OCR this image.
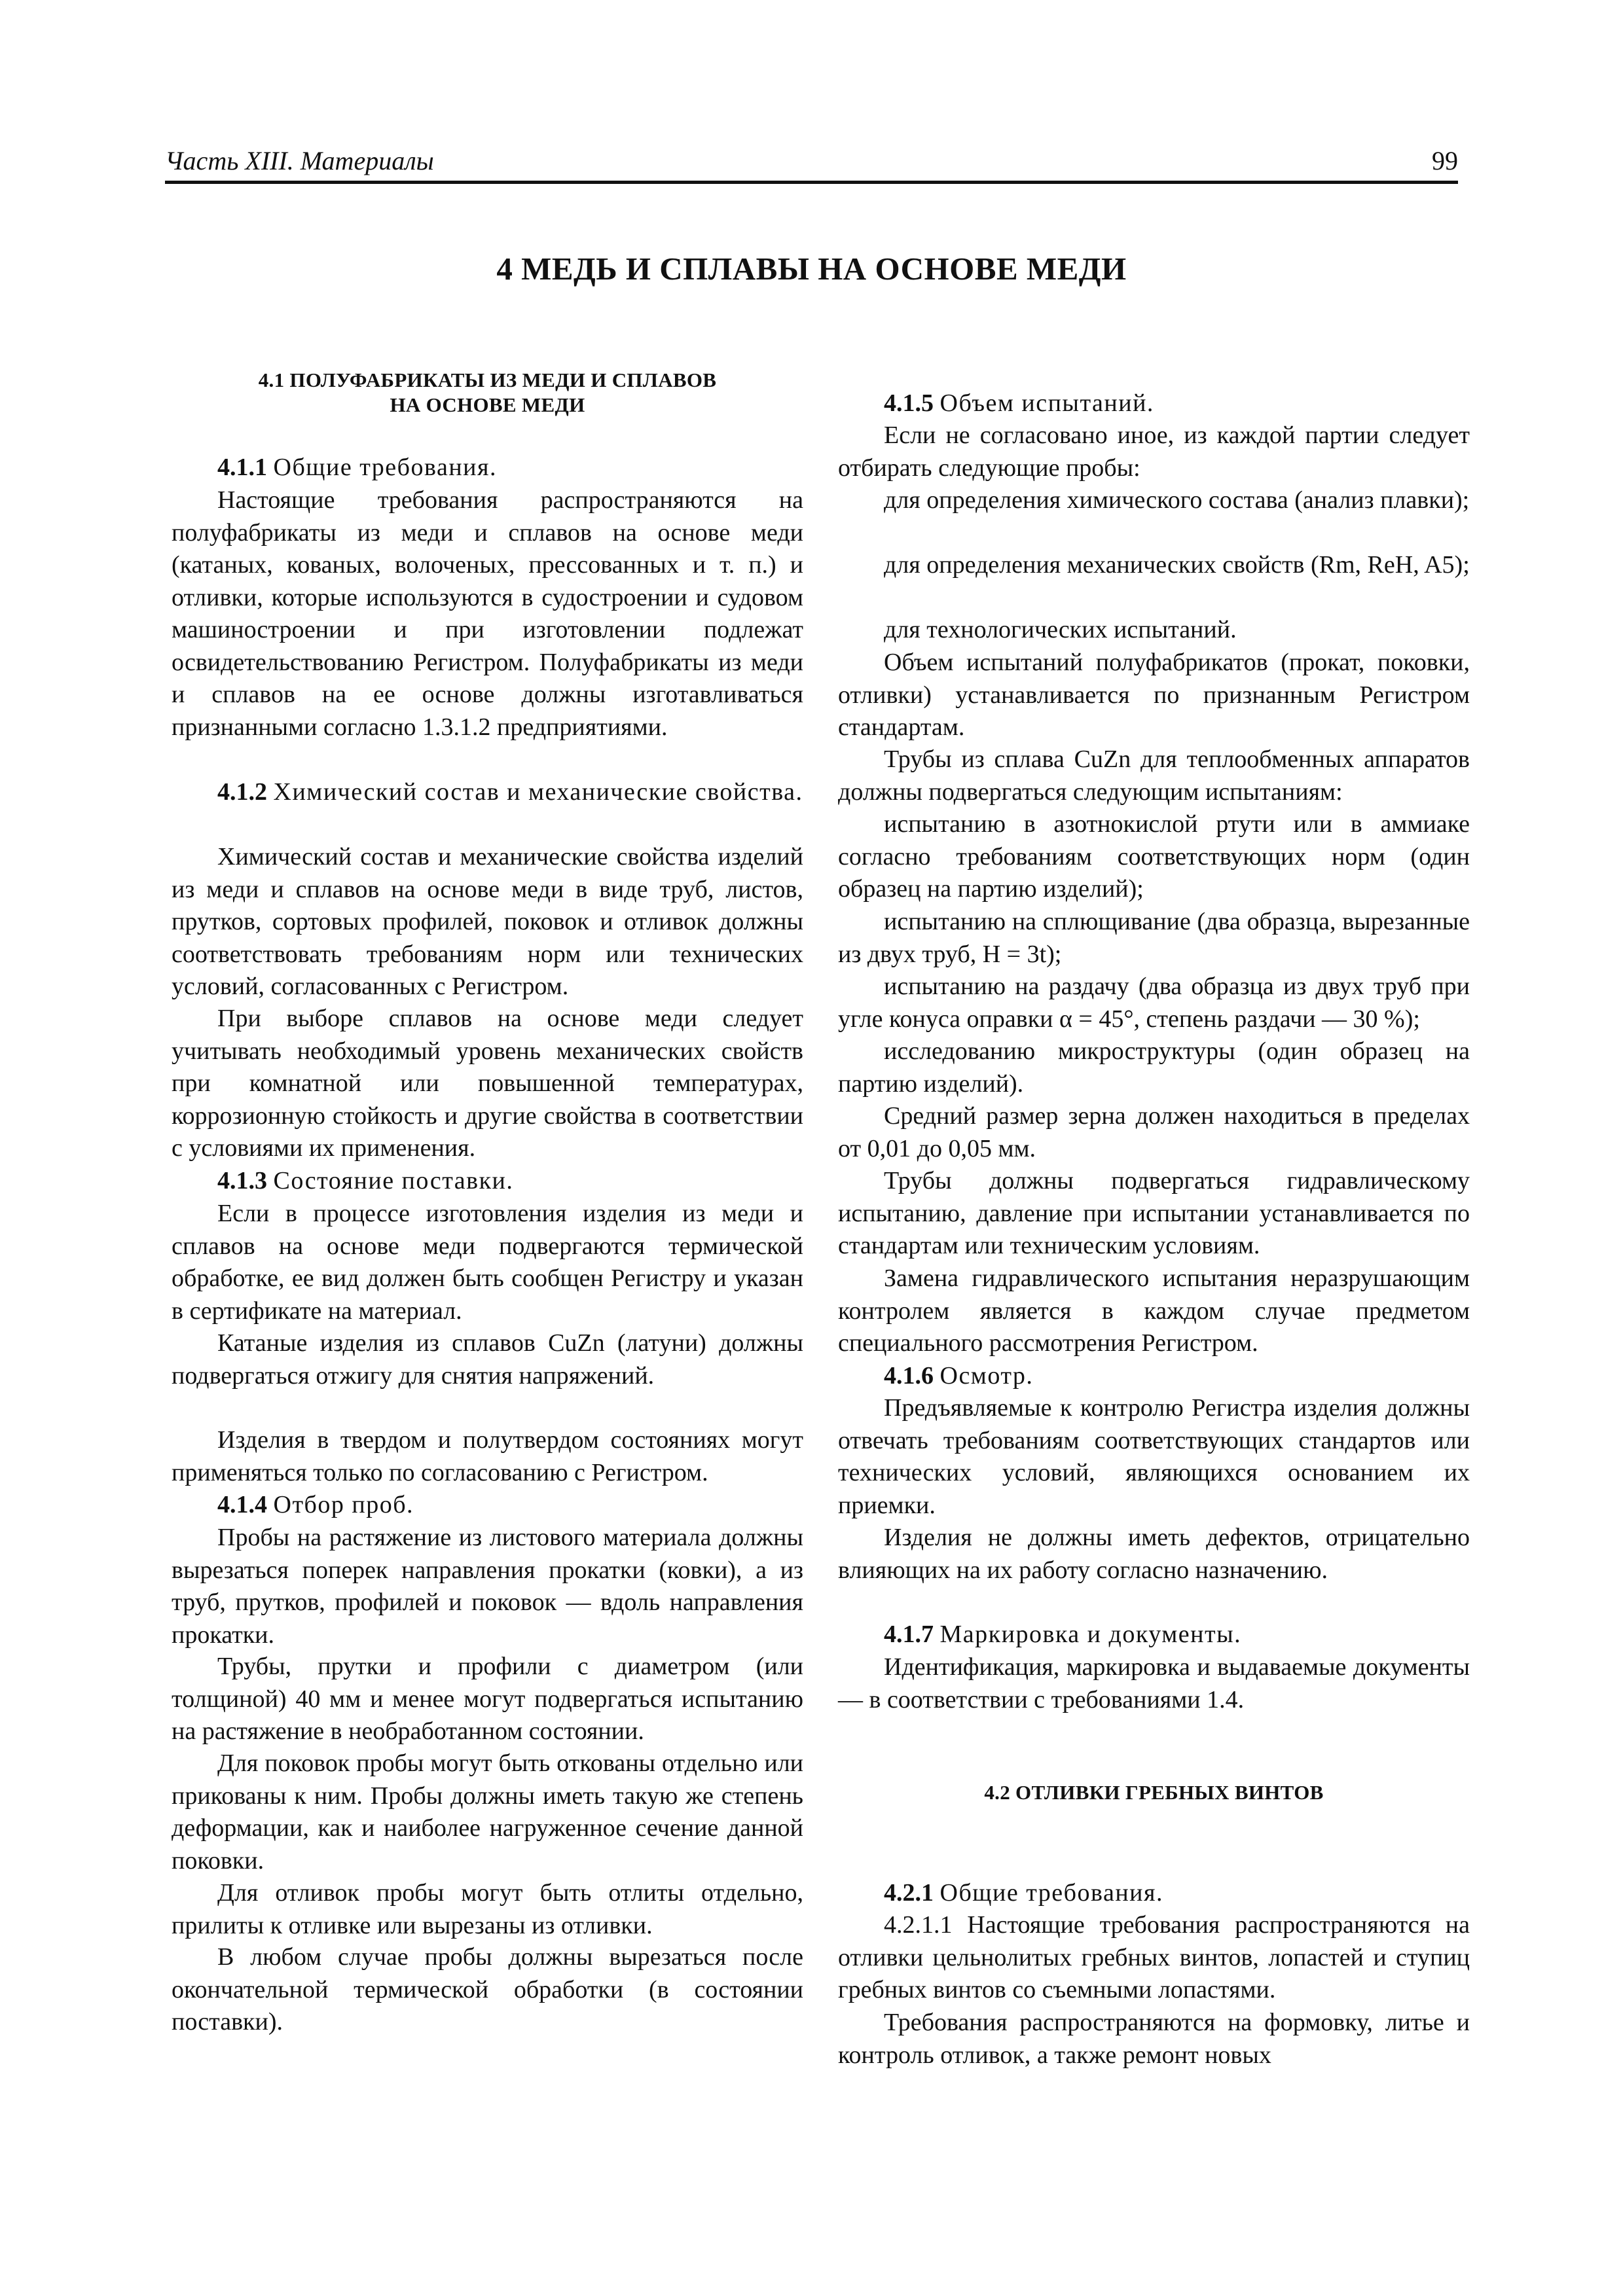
Часть XIII. Материалы	99
4 МЕДЬ И СПЛАВЫ НА ОСНОВЕ МЕДИ
4.1 ПОЛУФАБРИКАТЫ ИЗ МЕДИ И СПЛАВОВ
НА ОСНОВЕ МЕДИ

4.1.1 Общие требования.

Настоящие требования распространяются на полуфабрикаты из меди и сплавов на основе меди (катаных, кованых, волоченых, прессованных и т. п.) и отливки, которые используются в судостроении и судовом машиностроении и при изготовлении подлежат освидетельствованию Регистром. Полуфабрикаты из меди и сплавов на ее основе должны изготавливаться признанными согласно 1.3.1.2 предприятиями.

4.1.2 Химический состав и механические свойства.

Химический состав и механические свойства изделий из меди и сплавов на основе меди в виде труб, листов, прутков, сортовых профилей, поковок и отливок должны соответствовать требованиям норм или технических условий, согласованных с Регистром.

При выборе сплавов на основе меди следует учитывать необходимый уровень механических свойств при комнатной или повышенной температурах, коррозионную стойкость и другие свойства в соответствии с условиями их применения.

4.1.3 Состояние поставки.

Если в процессе изготовления изделия из меди и сплавов на основе меди подвергаются термической обработке, ее вид должен быть сообщен Регистру и указан в сертификате на материал.

Катаные изделия из сплавов CuZn (латуни) должны подвергаться отжигу для снятия напряжений.

Изделия в твердом и полутвердом состояниях могут применяться только по согласованию с Регистром.

4.1.4 Отбор проб.

Пробы на растяжение из листового материала должны вырезаться поперек направления прокатки (ковки), а из труб, прутков, профилей и поковок — вдоль направления прокатки.

Трубы, прутки и профили с диаметром (или толщиной) 40 мм и менее могут подвергаться испытанию на растяжение в необработанном состоянии.

Для поковок пробы могут быть откованы отдельно или прикованы к ним. Пробы должны иметь такую же степень деформации, как и наиболее нагруженное сечение данной поковки.

Для отливок пробы могут быть отлиты отдельно, прилиты к отливке или вырезаны из отливки.

В любом случае пробы должны вырезаться после окончательной термической обработки (в состоянии поставки).

4.1.5 Объем испытаний.

Если не согласовано иное, из каждой партии следует отбирать следующие пробы:

для определения химического состава (анализ плавки);

для определения механических свойств (Rm, ReH, A5);

для технологических испытаний.

Объем испытаний полуфабрикатов (прокат, поковки, отливки) устанавливается по признанным Регистром стандартам.

Трубы из сплава CuZn для теплообменных аппаратов должны подвергаться следующим испытаниям:

испытанию в азотнокислой ртути или в аммиаке согласно требованиям соответствующих норм (один образец на партию изделий);

испытанию на сплющивание (два образца, вырезанные из двух труб, H = 3t);

испытанию на раздачу (два образца из двух труб при угле конуса оправки α = 45°, степень раздачи — 30 %);

исследованию микроструктуры (один образец на партию изделий).

Средний размер зерна должен находиться в пределах от 0,01 до 0,05 мм.

Трубы должны подвергаться гидравлическому испытанию, давление при испытании устанавливается по стандартам или техническим условиям.

Замена гидравлического испытания неразрушающим контролем является в каждом случае предметом специального рассмотрения Регистром.

4.1.6 Осмотр.

Предъявляемые к контролю Регистра изделия должны отвечать требованиям соответствующих стандартов или технических условий, являющихся основанием их приемки.

Изделия не должны иметь дефектов, отрицательно влияющих на их работу согласно назначению.

4.1.7 Маркировка и документы.

Идентификация, маркировка и выдаваемые документы — в соответствии с требованиями 1.4.

4.2 ОТЛИВКИ ГРЕБНЫХ ВИНТОВ

4.2.1 Общие требования.

4.2.1.1 Настоящие требования распространяются на отливки цельнолитых гребных винтов, лопастей и ступиц гребных винтов со съемными лопастями.

Требования распространяются на формовку, литье и контроль отливок, а также ремонт новых
